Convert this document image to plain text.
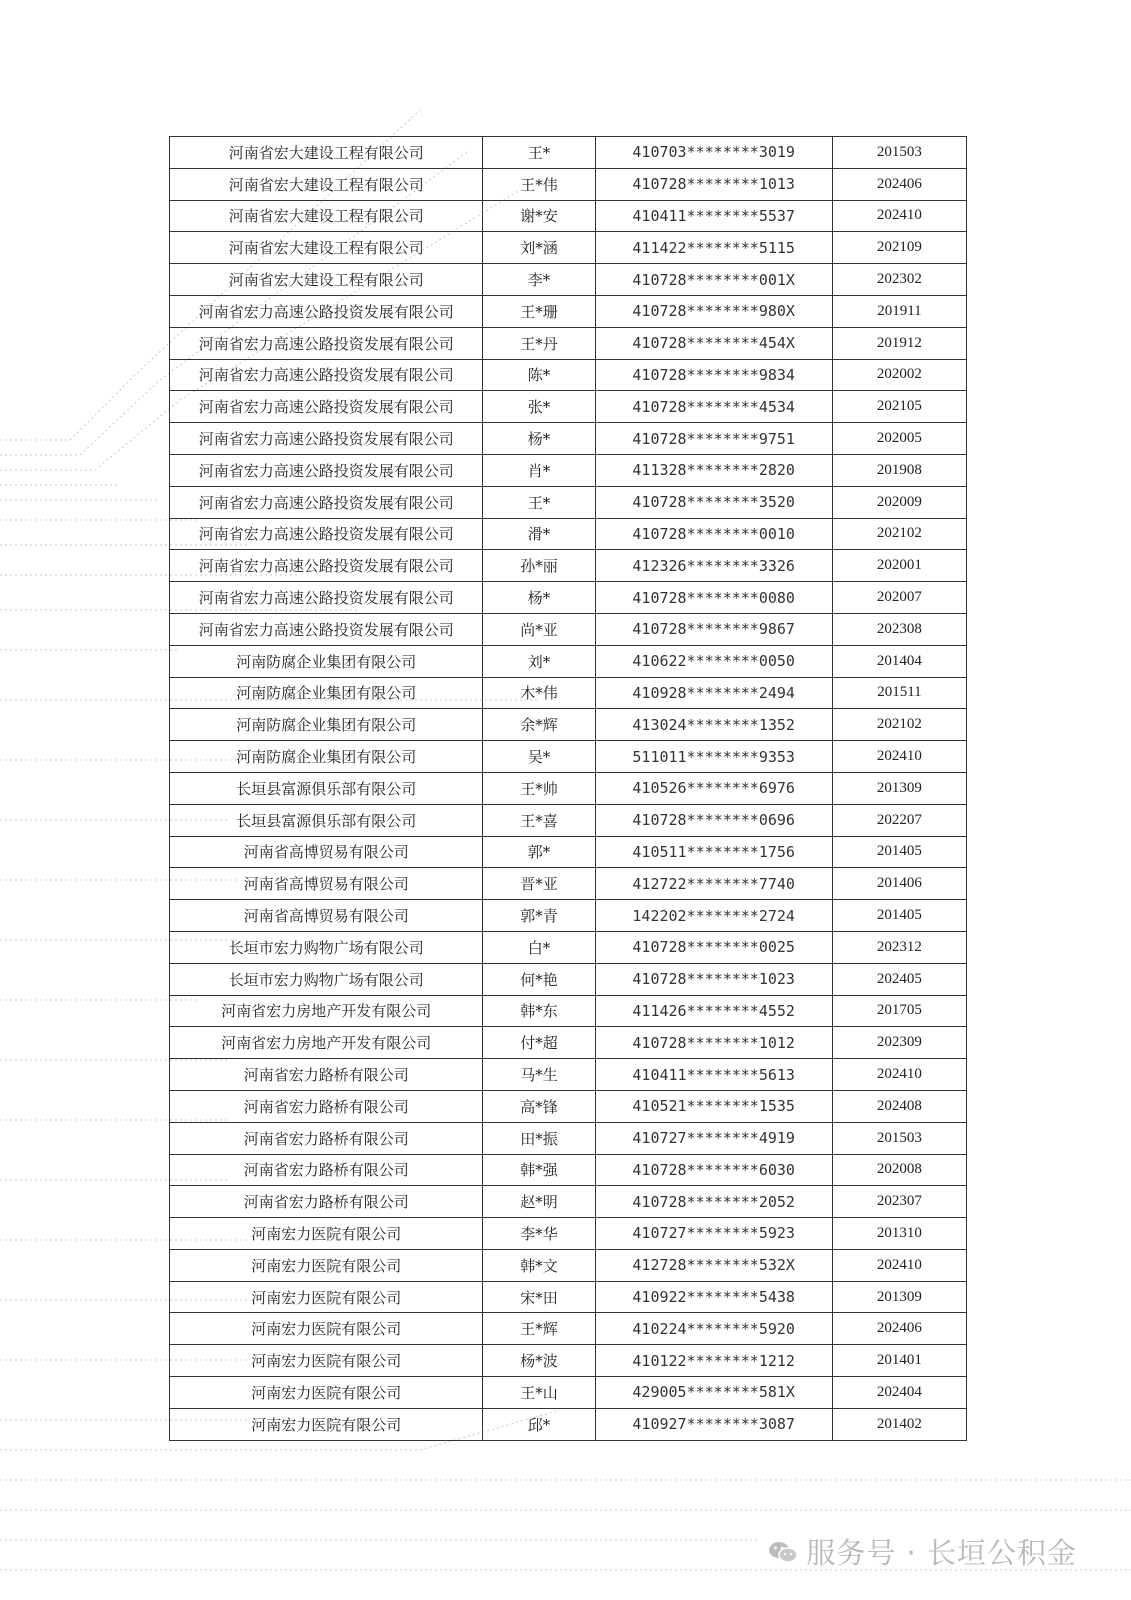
河南省宏大建设工程有限公司	王*	410703********3019	201503
河南省宏大建设工程有限公司	王*伟	410728********1013	202406
河南省宏大建设工程有限公司	谢*安	410411********5537	202410
河南省宏大建设工程有限公司	刘*涵	411422********5115	202109
河南省宏大建设工程有限公司	李*	410728********001X	202302
河南省宏力高速公路投资发展有限公司	王*珊	410728********980X	201911
河南省宏力高速公路投资发展有限公司	王*丹	410728********454X	201912
河南省宏力高速公路投资发展有限公司	陈*	410728********9834	202002
河南省宏力高速公路投资发展有限公司	张*	410728********4534	202105
河南省宏力高速公路投资发展有限公司	杨*	410728********9751	202005
河南省宏力高速公路投资发展有限公司	肖*	411328********2820	201908
河南省宏力高速公路投资发展有限公司	王*	410728********3520	202009
河南省宏力高速公路投资发展有限公司	滑*	410728********0010	202102
河南省宏力高速公路投资发展有限公司	孙*丽	412326********3326	202001
河南省宏力高速公路投资发展有限公司	杨*	410728********0080	202007
河南省宏力高速公路投资发展有限公司	尚*亚	410728********9867	202308
河南防腐企业集团有限公司	刘*	410622********0050	201404
河南防腐企业集团有限公司	木*伟	410928********2494	201511
河南防腐企业集团有限公司	余*辉	413024********1352	202102
河南防腐企业集团有限公司	吴*	511011********9353	202410
长垣县富源俱乐部有限公司	王*帅	410526********6976	201309
长垣县富源俱乐部有限公司	王*喜	410728********0696	202207
河南省高博贸易有限公司	郭*	410511********1756	201405
河南省高博贸易有限公司	晋*亚	412722********7740	201406
河南省高博贸易有限公司	郭*青	142202********2724	201405
长垣市宏力购物广场有限公司	白*	410728********0025	202312
长垣市宏力购物广场有限公司	何*艳	410728********1023	202405
河南省宏力房地产开发有限公司	韩*东	411426********4552	201705
河南省宏力房地产开发有限公司	付*超	410728********1012	202309
河南省宏力路桥有限公司	马*生	410411********5613	202410
河南省宏力路桥有限公司	高*锋	410521********1535	202408
河南省宏力路桥有限公司	田*振	410727********4919	201503
河南省宏力路桥有限公司	韩*强	410728********6030	202008
河南省宏力路桥有限公司	赵*明	410728********2052	202307
河南宏力医院有限公司	李*华	410727********5923	201310
河南宏力医院有限公司	韩*文	412728********532X	202410
河南宏力医院有限公司	宋*田	410922********5438	201309
河南宏力医院有限公司	王*辉	410224********5920	202406
河南宏力医院有限公司	杨*波	410122********1212	201401
河南宏力医院有限公司	王*山	429005********581X	202404
河南宏力医院有限公司	邱*	410927********3087	201402
服务号 · 长垣公积金
